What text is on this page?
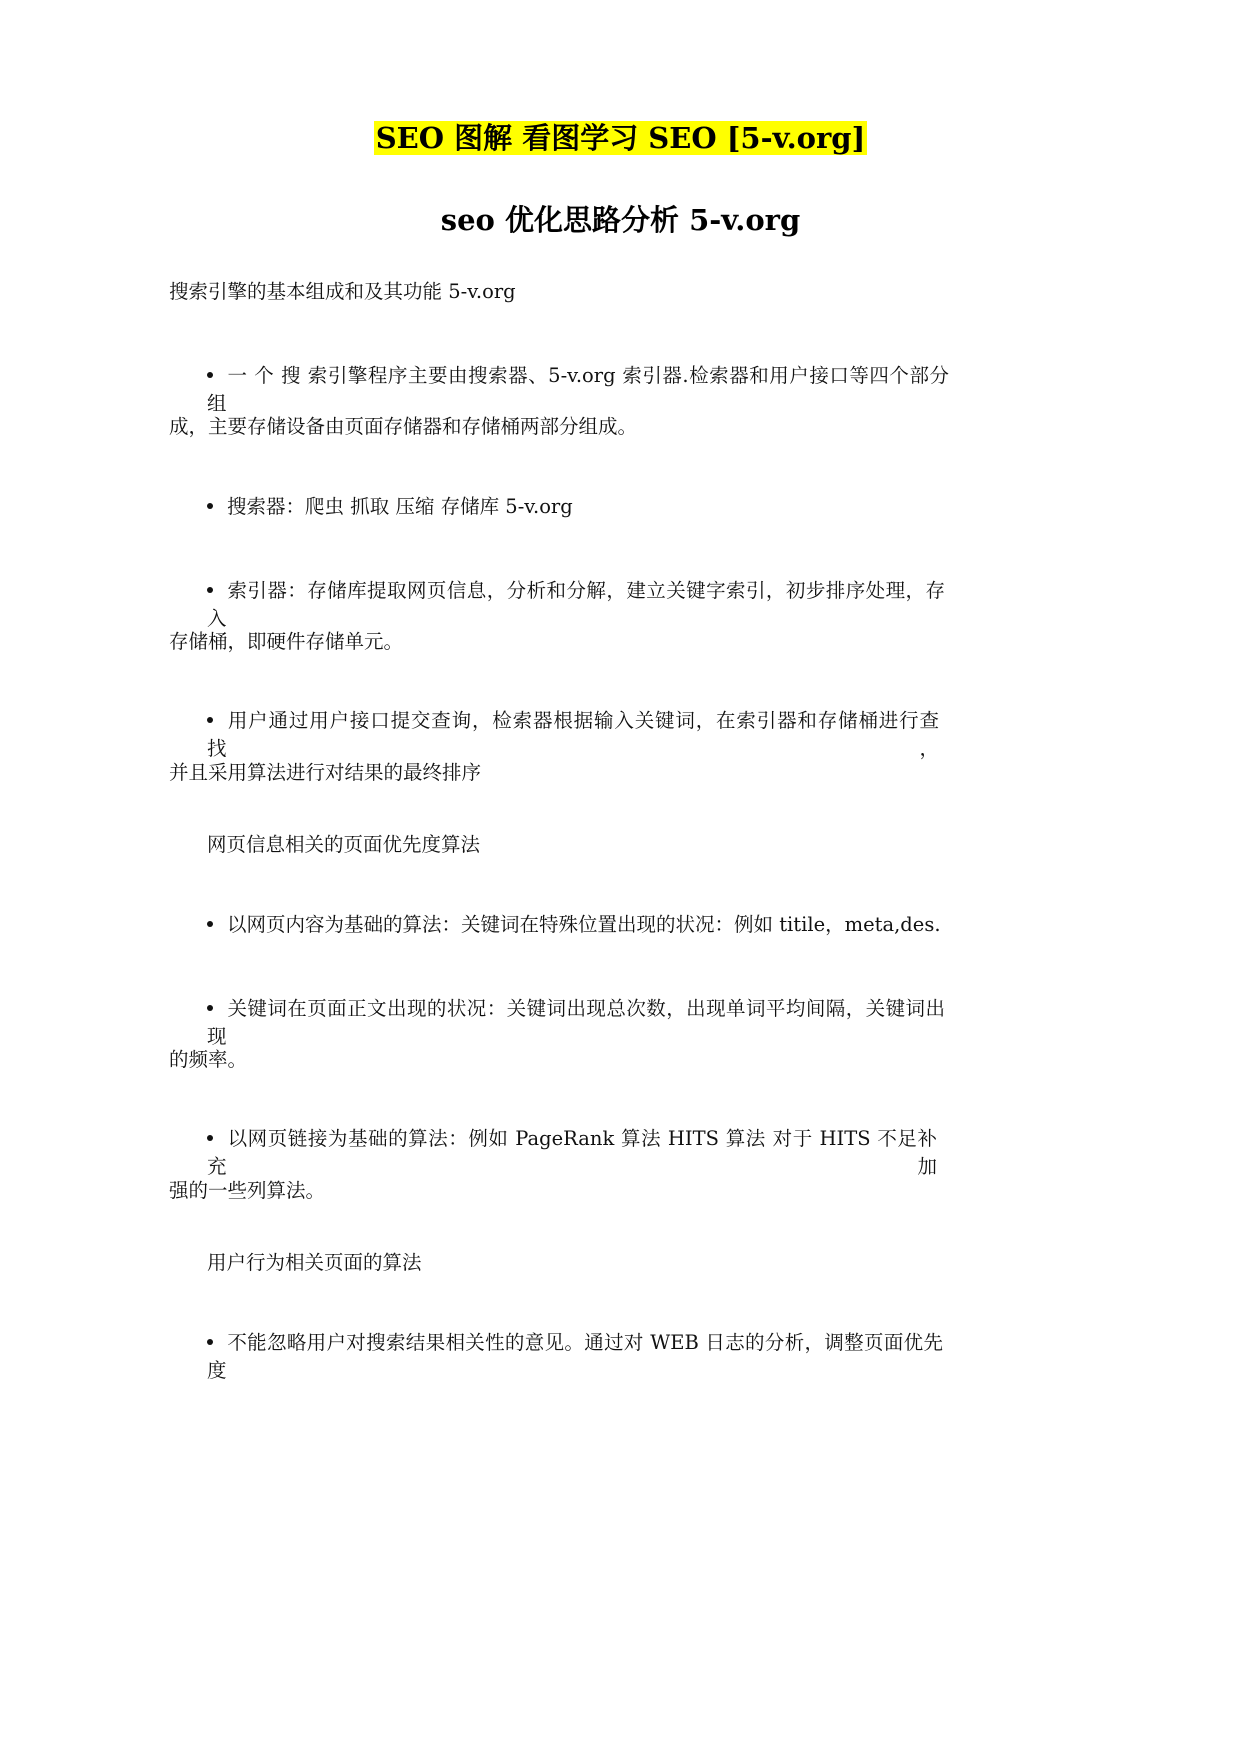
SEO 图解 看图学习 SEO [5-v.org]
seo 优化思路分析 5-v.org
搜索引擎的基本组成和及其功能 5-v.org
一 个 搜 索引擎程序主要由搜索器、5-v.org 索引器.检索器和用户接口等四个部分组
成，主要存储设备由页面存储器和存储桶两部分组成。
搜索器：爬虫 抓取 压缩 存储库 5-v.org
索引器：存储库提取网页信息，分析和分解，建立关键字索引，初步排序处理，存入
存储桶，即硬件存储单元。
用户通过用户接口提交查询，检索器根据输入关键词，在索引器和存储桶进行查找，
并且采用算法进行对结果的最终排序
网页信息相关的页面优先度算法
以网页内容为基础的算法：关键词在特殊位置出现的状况：例如 titile，meta,des.
关键词在页面正文出现的状况：关键词出现总次数，出现单词平均间隔，关键词出现
的频率。
以网页链接为基础的算法：例如 PageRank 算法 HITS 算法 对于 HITS 不足补充加
强的一些列算法。
用户行为相关页面的算法
不能忽略用户对搜索结果相关性的意见。通过对 WEB 日志的分析，调整页面优先度
